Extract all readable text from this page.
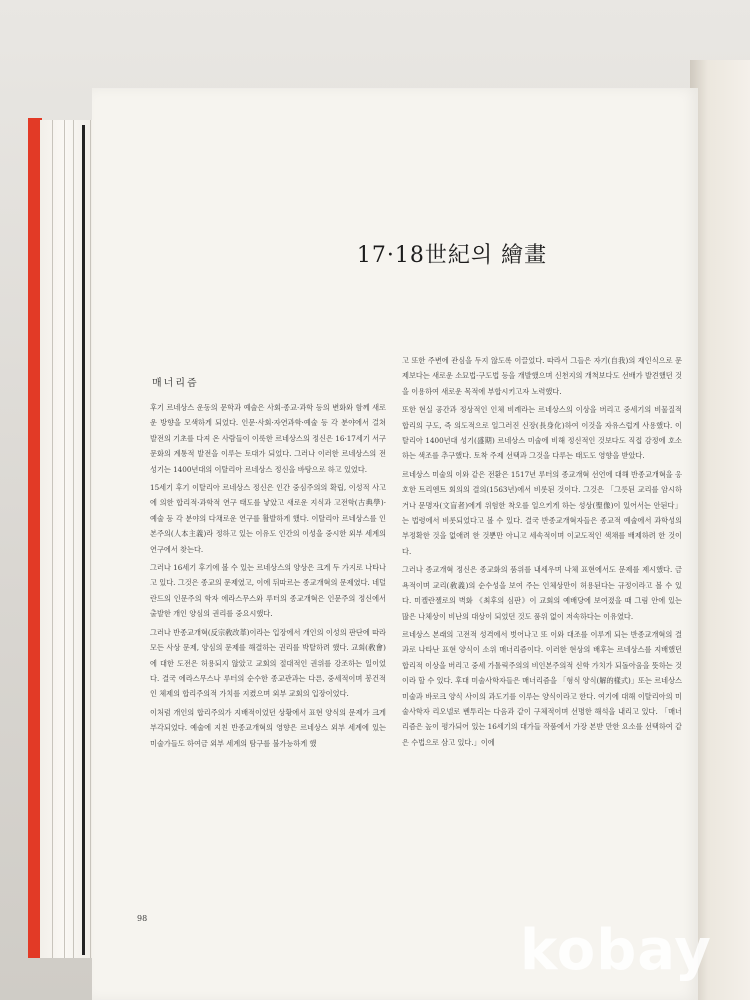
17·18世紀의 繪畫
매너리즘

후기 르네상스 운동의 문학과 예술은 사회·종교·과학 등의 변화와 함께 새로운 방향을 모색하게 되었다. 인문·사회·자연과학·예술 등 각 분야에서 걸쳐 발전의 기초를 다져 온 사람들이 이룩한 르네상스의 정신은 16·17세기 서구 문화의 계통적 발전을 이루는 토대가 되었다. 그러나 이러한 르네상스의 전성기는 1400년대의 이탈리아 르네상스 정신을 바탕으로 하고 있었다.

15세기 후기 이탈리아 르네상스 정신은 인간 중심주의의 확립, 이성적 사고에 의한 합리적·과학적 연구 태도를 낳았고 새로운 지식과 고전학(古典學)·예술 등 각 분야의 다채로운 연구를 활발하게 했다. 이탈리아 르네상스를 인본주의(人本主義)라 정하고 있는 이유도 인간의 이성을 중시한 외부 세계의 연구에서 찾는다.

그러나 16세기 후기에 볼 수 있는 르네상스의 양상은 크게 두 가지로 나타나고 있다. 그것은 종교의 문제였고, 이에 뒤따르는 종교개혁의 문제였다. 네덜란드의 인문주의 학자 에라스무스와 루터의 종교개혁은 인문주의 정신에서 출발한 개인 양심의 권리를 중요시했다.

그러나 반종교개혁(反宗敎改革)이라는 입장에서 개인의 이성의 판단에 따라 모든 사상 문제, 양심의 문제를 해결하는 권리를 박탈하려 했다. 교회(敎會)에 대한 도전은 허용되지 않았고 교회의 절대적인 권위를 강조하는 일이었다. 결국 에라스무스나 루터의 순수한 종교관과는 다른, 중세적이며 봉건적인 체제의 합리주의적 가치를 지켰으며 외부 교회의 입장이었다.

이처럼 개인의 합리주의가 지배적이었던 상황에서 표현 양식의 문제가 크게 부각되었다. 예술에 지친 반종교개혁의 영향은 르네상스 외부 세계에 있는 미술가들도 하여금 외부 세계의 탐구를 불가능하게 했

고 또한 주변에 관심을 두지 않도록 이끌었다. 따라서 그들은 자기(自我)의 재인식으로 문제보다는 새로운 소묘법·구도법 등을 개발했으며 신천지의 개척보다도 선배가 발견했던 것을 이용하여 새로운 목적에 부합시키고자 노력했다.

또한 현실 공간과 정상적인 인체 비례라는 르네상스의 이상을 버리고 중세기의 비물질적 합리의 구도, 즉 의도적으로 일그러진 신장(長身化)하여 이것을 자유스럽게 사용했다. 이탈리아 1400년대 성기(盛期) 르네상스 미술에 비해 정신적인 것보다도 직접 감정에 호소하는 색조를 추구했다. 토착 주제 선택과 그것을 다루는 태도도 영향을 받았다.

르네상스 미술의 이와 같은 전환은 1517년 루터의 종교개혁 선언에 대해 반종교개혁을 옹호한 트리엔트 회의의 결의(1563년)에서 비롯된 것이다. 그것은 「그릇된 교리를 암시하거나 문명자(文盲者)에게 위험한 착오를 일으키게 하는 성상(聖像)이 있어서는 안된다」는 법령에서 비롯되었다고 볼 수 있다. 결국 반종교개혁자들은 종교적 예술에서 과학성의 부정확한 것을 없애려 한 것뿐만 아니고 세속적이며 이교도적인 색채를 배제하려 한 것이다.

그러나 종교개혁 정신은 종교화의 품위를 내세우며 나체 표현에서도 문제를 제시했다. 금욕적이며 교리(敎義)의 순수성을 보여 주는 인체상만이 허용된다는 규정이라고 볼 수 있다. 미켈란젤로의 벽화 《최후의 심판》이 교회의 예배당에 보여졌을 때 그림 안에 있는 많은 나체상이 비난의 대상이 되었던 것도 품위 없이 저속하다는 이유였다.

르네상스 본래의 고전적 성격에서 벗어나고 또 이와 대조를 이루게 되는 반종교개혁의 결과로 나타난 표현 양식이 소위 매너리즘이다. 이러한 현상의 배후는 르네상스를 지배했던 합리적 이상을 버리고 중세 가톨릭주의의 비인본주의적 신학 가치가 되돌아옴을 뜻하는 것이라 할 수 있다. 후대 미술사학자들은 매너리즘을 「형식 양식(解的樣式)」또는 르네상스 미술과 바로크 양식 사이의 과도기를 이루는 양식이라고 한다. 여기에 대해 이탈리아의 미술사학자 리오넬로 벤투리는 다음과 같이 구체적이며 선명한 해석을 내리고 있다. 「매너리즘은 높이 평가되어 있는 16세기의 대가들 작품에서 가장 본받 만한 요소를 선택하여 같은 수법으로 삼고 있다.」이에

98	kobay
